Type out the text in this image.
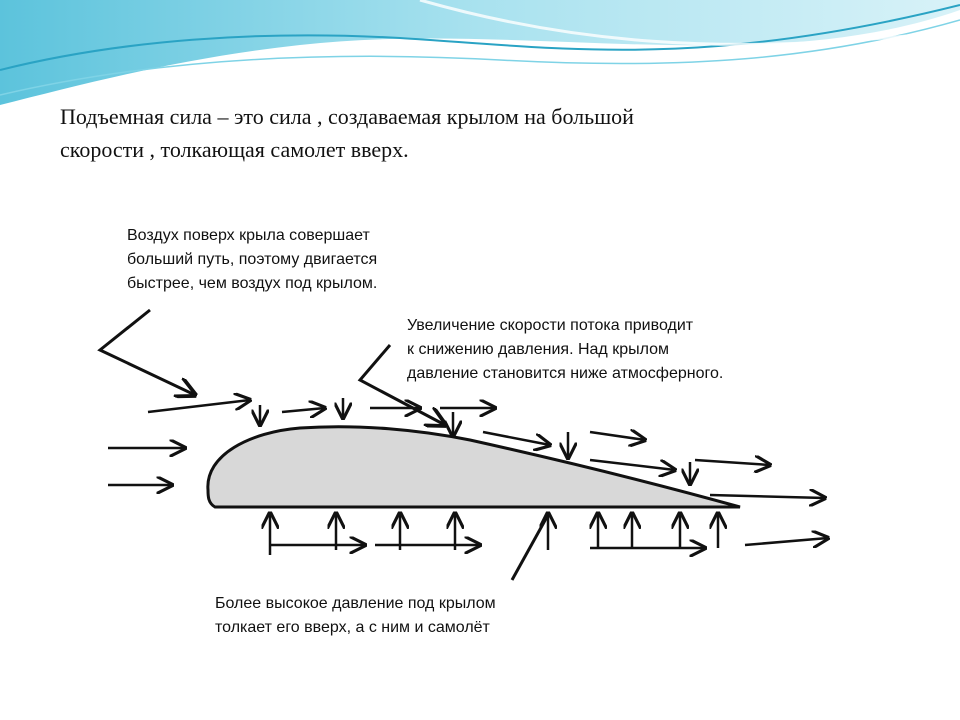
Подъемная сила – это сила , создаваемая крылом на большой
скорости , толкающая самолет вверх.

Воздух поверх крыла совершает
больший путь, поэтому двигается
быстрее, чем воздух под крылом.
Увеличение скорости потока приводит
к снижению давления. Над крылом
давление становится ниже атмосферного.
Более высокое давление под крылом
толкает его вверх, а с ним и самолёт
